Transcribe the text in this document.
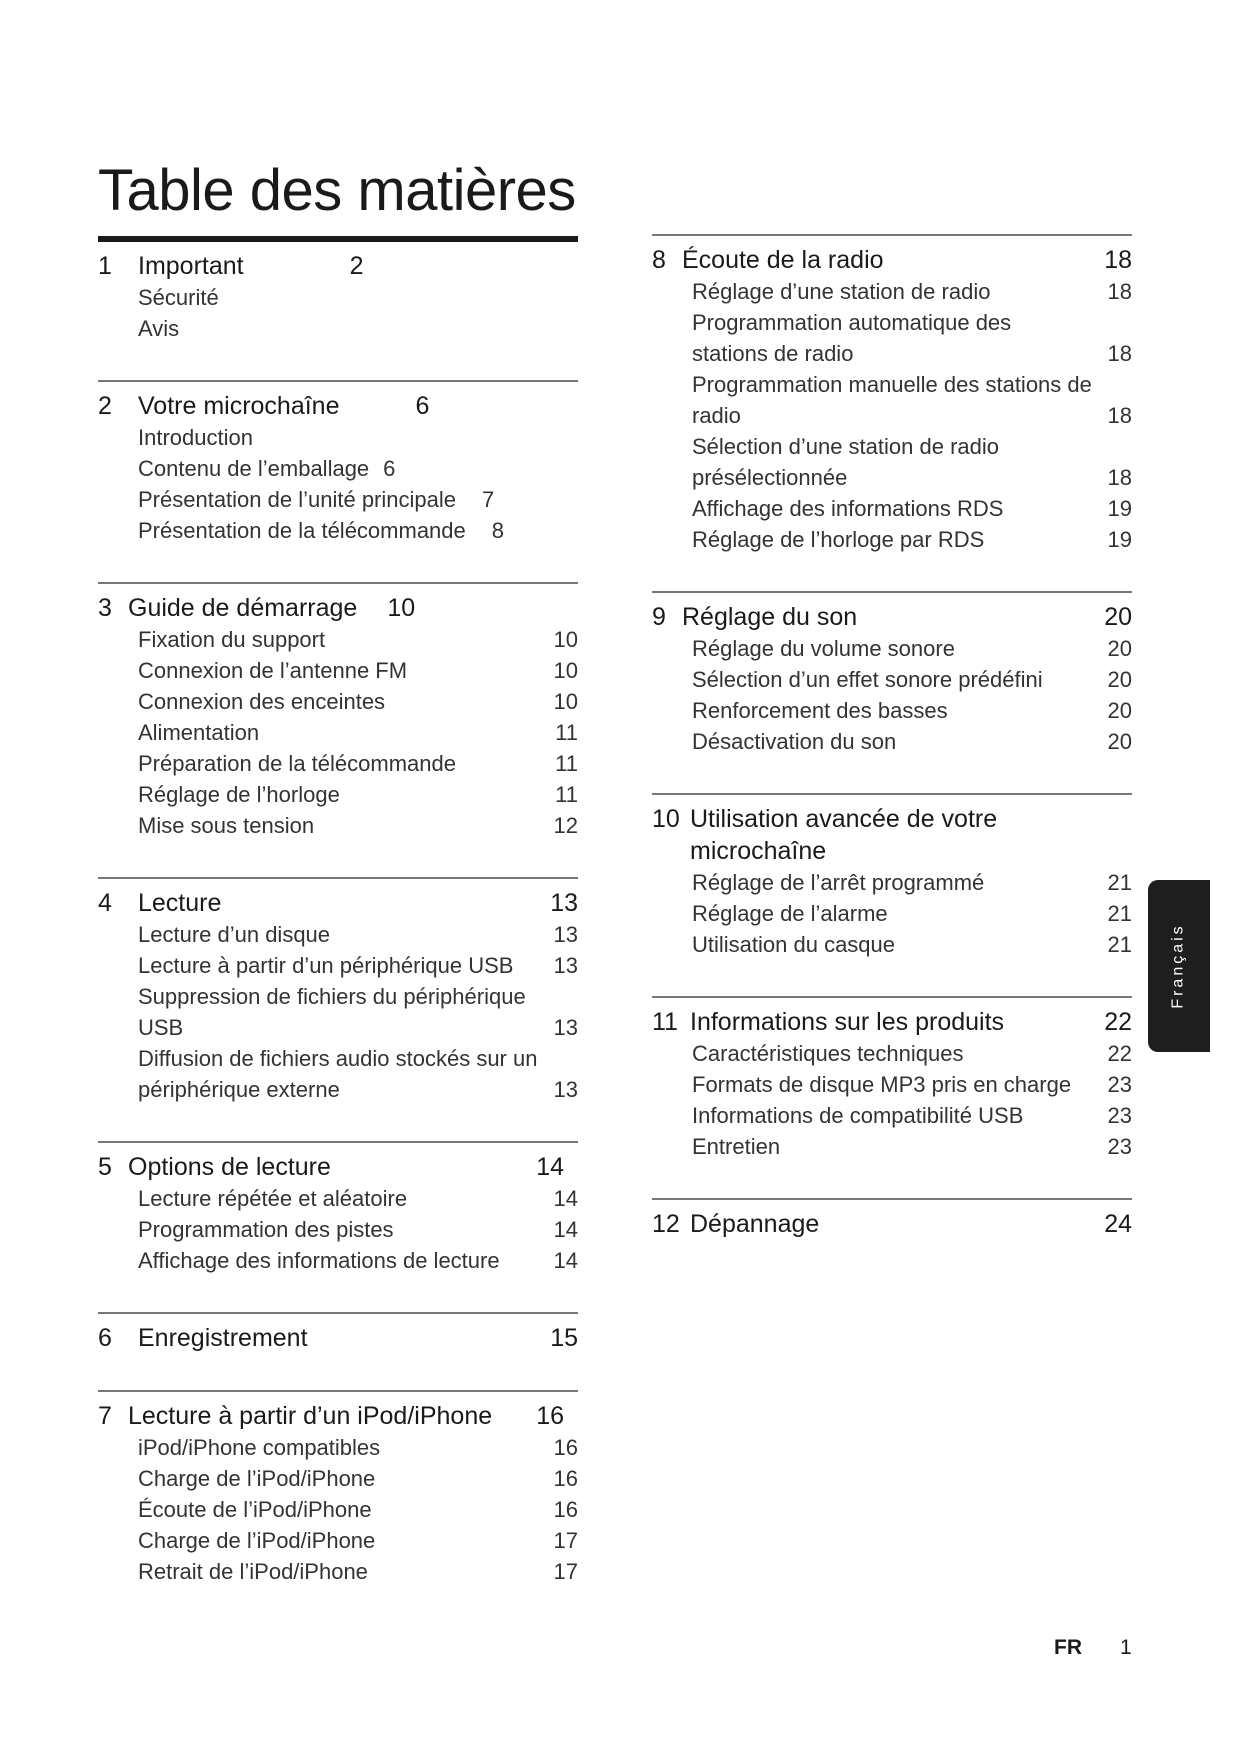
Table des matières
1	Important	2
Sécurité
Avis
2	Votre microchaîne	6
Introduction
Contenu de l’emballage 6
Présentation de l’unité principale 7
Présentation de la télécommande 8
3 Guide de démarrage 10
Fixation du support	10
Connexion de l’antenne FM	10
Connexion des enceintes	10
Alimentation	11
Préparation de la télécommande	11
Réglage de l’horloge	11
Mise sous tension	12
4	Lecture	13
Lecture d’un disque	13
Lecture à partir d’un périphérique USB	13
Suppression de fichiers du périphérique USB	13
Diffusion de fichiers audio stockés sur un périphérique externe	13
5 Options de lecture	14
Lecture répétée et aléatoire	14
Programmation des pistes	14
Affichage des informations de lecture	14
6	Enregistrement	15
7 Lecture à partir d’un iPod/iPhone	16
iPod/iPhone compatibles	16
Charge de l’iPod/iPhone	16
Écoute de l’iPod/iPhone	16
Charge de l’iPod/iPhone	17
Retrait de l’iPod/iPhone	17
8 Écoute de la radio	18
Réglage d’une station de radio	18
Programmation automatique des stations de radio	18
Programmation manuelle des stations de radio	18
Sélection d’une station de radio présélectionnée	18
Affichage des informations RDS	19
Réglage de l’horloge par RDS	19
9 Réglage du son	20
Réglage du volume sonore	20
Sélection d’un effet sonore prédéfini	20
Renforcement des basses	20
Désactivation du son	20
10 Utilisation avancée de votre microchaîne
Réglage de l’arrêt programmé	21
Réglage de l’alarme	21
Utilisation du casque	21
11 Informations sur les produits	22
Caractéristiques techniques	22
Formats de disque MP3 pris en charge	23
Informations de compatibilité USB	23
Entretien	23
12 Dépannage	24
Français
FR 1
